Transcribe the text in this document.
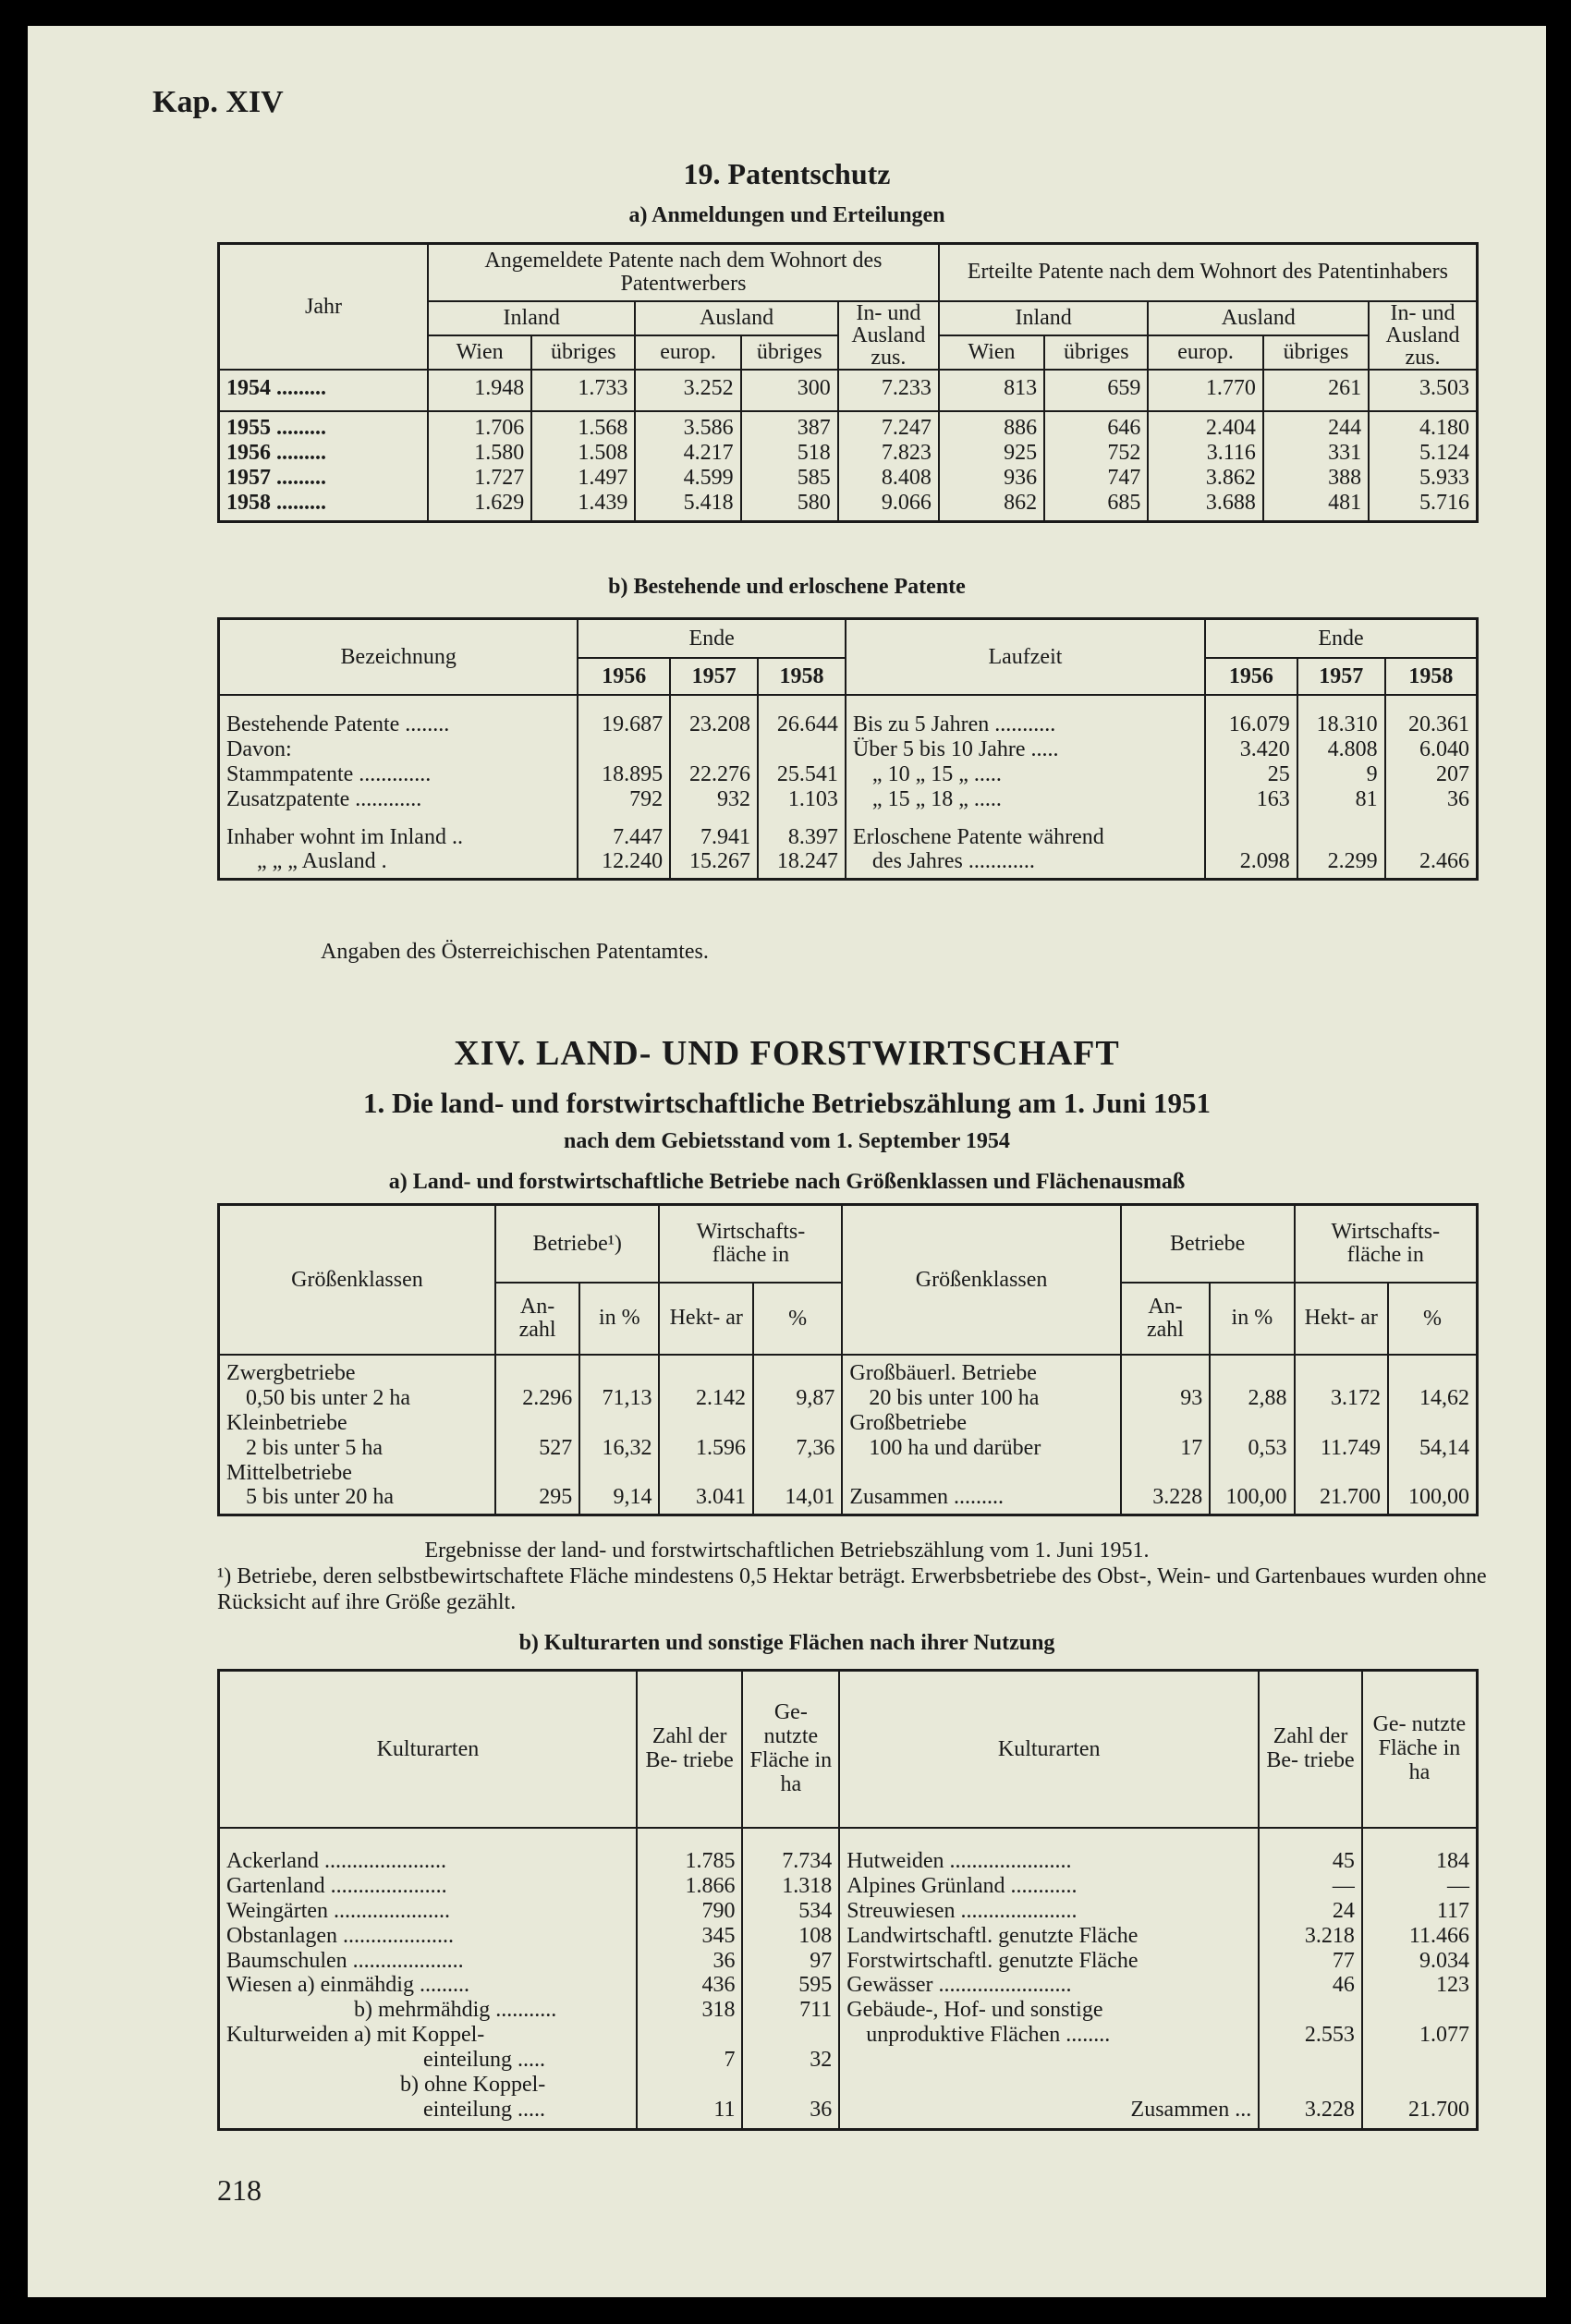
Kap. XIV
19. Patentschutz
a) Anmeldungen und Erteilungen
Jahr	Angemeldete Patente nach dem Wohnort des Patentwerbers					Erteilte Patente nach dem Wohnort des Patentinhabers				
	Inland		Ausland		In- und Ausland zus.	Inland		Ausland		In- und Ausland zus.
	Wien	übriges	europ.	übriges		Wien	übriges	europ.	übriges	
1954 .........	1.948	1.733	3.252	300	7.233	813	659	1.770	261	3.503
1955 .........	1.706	1.568	3.586	387	7.247	886	646	2.404	244	4.180
1956 .........	1.580	1.508	4.217	518	7.823	925	752	3.116	331	5.124
1957 .........	1.727	1.497	4.599	585	8.408	936	747	3.862	388	5.933
1958 .........	1.629	1.439	5.418	580	9.066	862	685	3.688	481	5.716
b) Bestehende und erloschene Patente
Bezeichnung	Ende			Laufzeit	Ende		
	1956	1957	1958		1956	1957	1958
Bestehende Patente ........	19.687	23.208	26.644	Bis zu 5 Jahren ...........	16.079	18.310	20.361
Davon:				Über 5 bis 10 Jahre .....	3.420	4.808	6.040
Stammpatente .............	18.895	22.276	25.541	„ 10 „ 15 „ .....	25	9	207
Zusatzpatente ............	792	932	1.103	„ 15 „ 18 „ .....	163	81	36
Inhaber wohnt im Inland ..	7.447	7.941	8.397	Erloschene Patente während			
„ „ „ Ausland .	12.240	15.267	18.247	des Jahres ............	2.098	2.299	2.466
Angaben des Österreichischen Patentamtes.
XIV. LAND- UND FORSTWIRTSCHAFT
1. Die land- und forstwirtschaftliche Betriebszählung am 1. Juni 1951
nach dem Gebietsstand vom 1. September 1954
a) Land- und forstwirtschaftliche Betriebe nach Größenklassen und Flächenausmaß
Größenklassen	Betriebe¹)		Wirtschafts- fläche in		Größenklassen	Betriebe		Wirtschafts- fläche in	
	An- zahl	in %	Hekt- ar	%		An- zahl	in %	Hekt- ar	%
Zwergbetriebe					Großbäuerl. Betriebe				
0,50 bis unter 2 ha	2.296	71,13	2.142	9,87	20 bis unter 100 ha	93	2,88	3.172	14,62
Kleinbetriebe					Großbetriebe				
2 bis unter 5 ha	527	16,32	1.596	7,36	100 ha und darüber	17	0,53	11.749	54,14
Mittelbetriebe									
5 bis unter 20 ha	295	9,14	3.041	14,01	Zusammen .........	3.228	100,00	21.700	100,00
Ergebnisse der land- und forstwirtschaftlichen Betriebszählung vom 1. Juni 1951.
¹) Betriebe, deren selbstbewirtschaftete Fläche mindestens 0,5 Hektar beträgt. Erwerbsbetriebe des Obst-, Wein- und Gartenbaues wurden ohne Rücksicht auf ihre Größe gezählt.
b) Kulturarten und sonstige Flächen nach ihrer Nutzung
Kulturarten	Zahl der Be- triebe	Ge- nutzte Fläche in ha	Kulturarten	Zahl der Be- triebe	Ge- nutzte Fläche in ha
Ackerland ......................	1.785	7.734	Hutweiden ......................	45	184
Gartenland .....................	1.866	1.318	Alpines Grünland ............	—	—
Weingärten .....................	790	534	Streuwiesen .....................	24	117
Obstanlagen ....................	345	108	Landwirtschaftl. genutzte Fläche	3.218	11.466
Baumschulen ....................	36	97	Forstwirtschaftl. genutzte Fläche	77	9.034
Wiesen a) einmähdig .........	436	595	Gewässer ........................	46	123
b) mehrmähdig ...........	318	711	Gebäude-, Hof- und sonstige		
Kulturweiden a) mit Koppel-			unproduktive Flächen ........	2.553	1.077
einteilung .....	7	32			
b) ohne Koppel-					
einteilung .....	11	36	Zusammen ...	3.228	21.700
218
